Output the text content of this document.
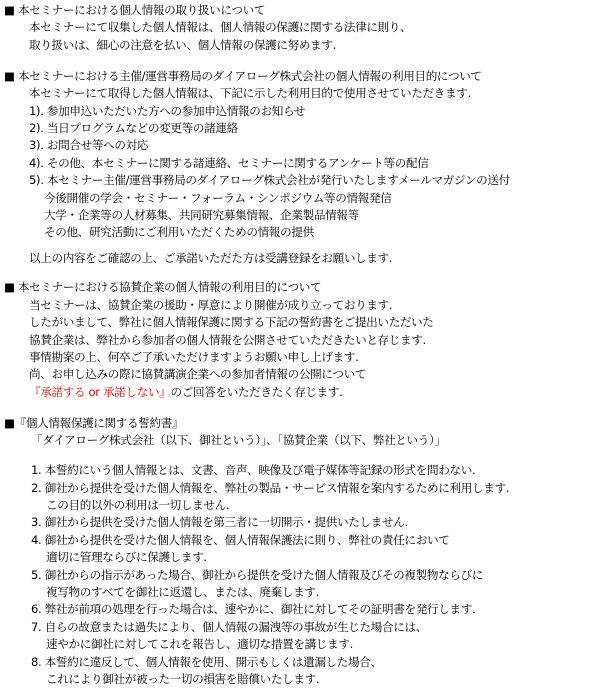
■ 本セミナーにおける個人情報の取り扱いについて
本セミナーにて収集した個人情報は、個人情報の保護に関する法律に則り、
取り扱いは、細心の注意を払い、個人情報の保護に努めます.
■ 本セミナーにおける主催/運営事務局のダイアローグ株式会社の個人情報の利用目的について
本セミナーにて取得した個人情報は、下記に示した利用目的で使用させていただきます.
1). 参加申込いただいた方への参加申込情報のお知らせ
2). 当日プログラムなどの変更等の諸連絡
3). お問合せ等への対応
4). その他、本セミナーに関する諸連絡、セミナーに関するアンケート等の配信
5). 本セミナー主催/運営事務局のダイアローグ株式会社が発行いたしますメールマガジンの送付
今後開催の学会・セミナー・フォーラム・シンポジウム等の情報発信
大学・企業等の人材募集、共同研究募集情報、企業製品情報等
その他、研究活動にご利用いただくための情報の提供
以上の内容をご確認の上、ご承諾いただた方は受講登録をお願いします.
■ 本セミナーにおける協賛企業の個人情報の利用目的について
当セミナーは、協賛企業の援助・厚意により開催が成り立っております.
したがいまして、弊社に個人情報保護に関する下記の誓約書をご提出いただいた
協賛企業は、弊社から参加者の個人情報を公開させていただきたいと存じます.
事情勘案の上、何卒ご了承いただけますようお願い申し上げます.
尚、お申し込みの際に協賛講演企業への参加者情報の公開について
『承諾する or 承諾しない』のご回答をいただきたく存じます.
■『個人情報保護に関する誓約書』
「ダイアローグ株式会社（以下、御社という）」、「協賛企業（以下、弊社という）」
1. 本誓約にいう個人情報とは、文書、音声、映像及び電子媒体等記録の形式を問わない.
2. 御社から提供を受けた個人情報を、弊社の製品・サービス情報を案内するために利用します.
この目的以外の利用は一切しません.
3. 御社から提供を受けた個人情報を第三者に一切開示・提供いたしません.
4. 御社から提供を受けた個人情報を、個人情報保護法に則り、弊社の責任において
適切に管理ならびに保護します.
5. 御社からの指示があった場合、御社から提供を受けた個人情報及びその複製物ならびに
複写物のすべてを御社に返還し、または、廃棄します.
6. 弊社が前項の処理を行った場合は、速やかに、御社に対してその証明書を発行します.
7. 自らの故意または過失により、個人情報の漏洩等の事故が生じた場合には、
速やかに御社に対してこれを報告し、適切な措置を講じます.
8. 本誓約に違反して、個人情報を使用、開示もしくは遺漏した場合、
これにより御社が被った一切の損害を賠償いたします.
